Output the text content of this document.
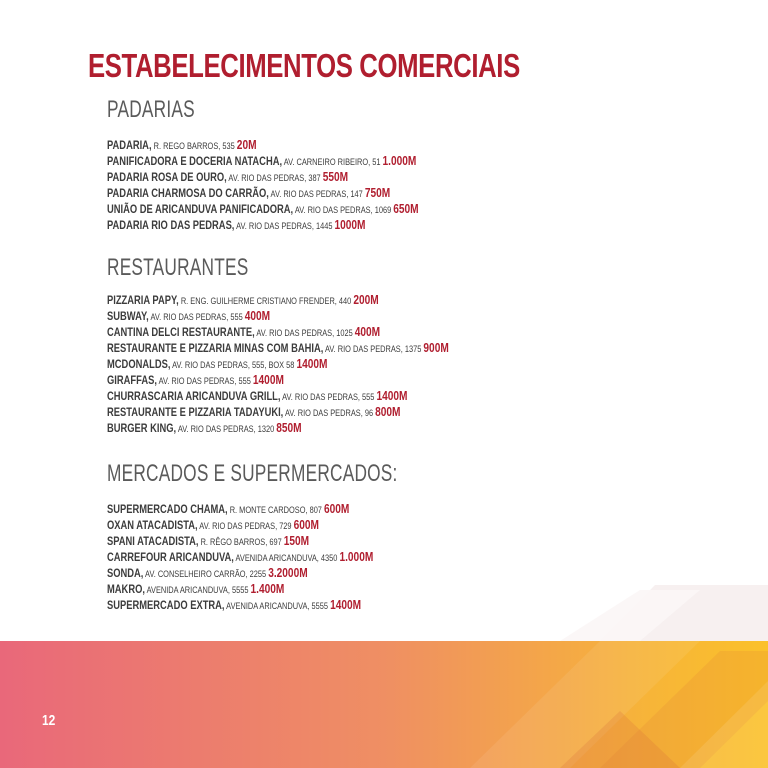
ESTABELECIMENTOS COMERCIAIS
PADARIAS
PADARIA, R. REGO BARROS, 535 20M
PANIFICADORA E DOCERIA NATACHA, AV. CARNEIRO RIBEIRO, 51 1.000M
PADARIA ROSA DE OURO, AV. RIO DAS PEDRAS, 387 550M
PADARIA CHARMOSA DO CARRÃO, AV. RIO DAS PEDRAS, 147 750M
UNIÃO DE ARICANDUVA PANIFICADORA, AV. RIO DAS PEDRAS, 1069 650M
PADARIA RIO DAS PEDRAS, AV. RIO DAS PEDRAS, 1445 1000M
RESTAURANTES
PIZZARIA PAPY, R. ENG. GUILHERME CRISTIANO FRENDER, 440 200M
SUBWAY, AV. RIO DAS PEDRAS, 555 400M
CANTINA DELCI RESTAURANTE, AV. RIO DAS PEDRAS, 1025 400M
RESTAURANTE E PIZZARIA MINAS COM BAHIA, AV. RIO DAS PEDRAS, 1375 900M
MCDONALDS, AV. RIO DAS PEDRAS, 555, BOX 58 1400M
GIRAFFAS, AV. RIO DAS PEDRAS, 555 1400M
CHURRASCARIA ARICANDUVA GRILL, AV. RIO DAS PEDRAS, 555 1400M
RESTAURANTE E PIZZARIA TADAYUKI, AV. RIO DAS PEDRAS, 96 800M
BURGER KING, AV. RIO DAS PEDRAS, 1320 850M
MERCADOS E SUPERMERCADOS:
SUPERMERCADO CHAMA, R. MONTE CARDOSO, 807 600M
OXAN ATACADISTA, AV. RIO DAS PEDRAS, 729 600M
SPANI ATACADISTA, R. RÊGO BARROS, 697 150M
CARREFOUR ARICANDUVA, AVENIDA ARICANDUVA, 4350 1.000M
SONDA, AV. CONSELHEIRO CARRÃO, 2255 3.2000M
MAKRO, AVENIDA ARICANDUVA, 5555 1.400M
SUPERMERCADO EXTRA, AVENIDA ARICANDUVA, 5555 1400M
12
